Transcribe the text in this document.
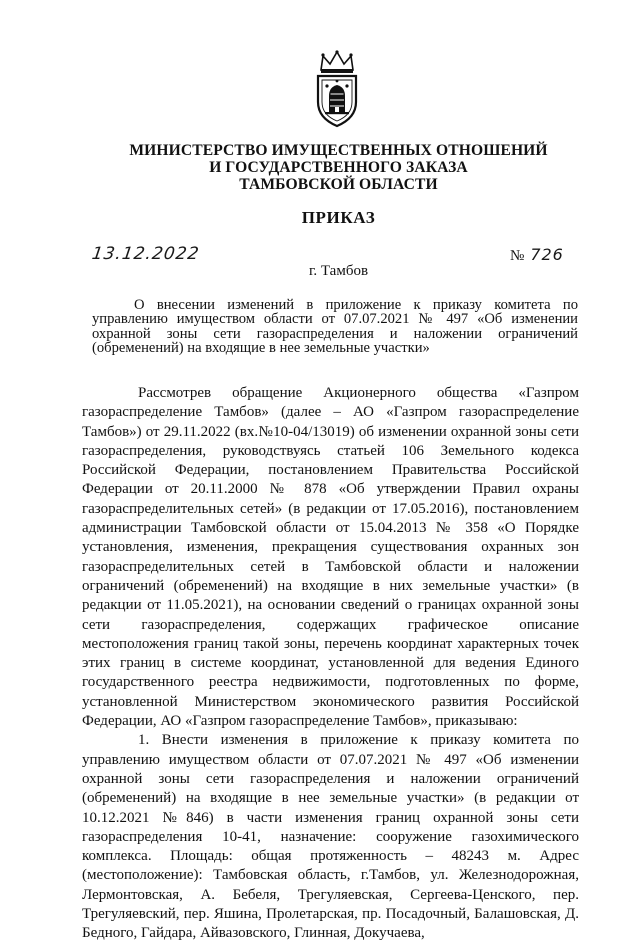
МИНИСТЕРСТВО ИМУЩЕСТВЕННЫХ ОТНОШЕНИЙ
И ГОСУДАРСТВЕННОГО ЗАКАЗА
ТАМБОВСКОЙ ОБЛАСТИ
ПРИКАЗ
13.12.2022	№ 726
г. Тамбов
О внесении изменений в приложение к приказу комитета по управлению имуществом области от 07.07.2021 № 497 «Об изменении охранной зоны сети газораспределения и наложении ограничений (обременений) на входящие в нее земельные участки»

Рассмотрев обращение Акционерного общества «Газпром газораспределение Тамбов» (далее – АО «Газпром газораспределение Тамбов») от 29.11.2022 (вх.№10-04/13019) об изменении охранной зоны сети газораспределения, руководствуясь статьей 106 Земельного кодекса Российской Федерации, постановлением Правительства Российской Федерации от 20.11.2000 № 878 «Об утверждении Правил охраны газораспределительных сетей» (в редакции от 17.05.2016), постановлением администрации Тамбовской области от 15.04.2013 № 358 «О Порядке установления, изменения, прекращения существования охранных зон газораспределительных сетей в Тамбовской области и наложении ограничений (обременений) на входящие в них земельные участки» (в редакции от 11.05.2021), на основании сведений о границах охранной зоны сети газораспределения, содержащих графическое описание местоположения границ такой зоны, перечень координат характерных точек этих границ в системе координат, установленной для ведения Единого государственного реестра недвижимости, подготовленных по форме, установленной Министерством экономического развития Российской Федерации, АО «Газпром газораспределение Тамбов», приказываю:

1. Внести изменения в приложение к приказу комитета по управлению имуществом области от 07.07.2021 № 497 «Об изменении охранной зоны сети газораспределения и наложении ограничений (обременений) на входящие в нее земельные участки» (в редакции от 10.12.2021 №846) в части изменения границ охранной зоны сети газораспределения 10-41, назначение: сооружение газохимического комплекса. Площадь: общая протяженность – 48243 м. Адрес (местоположение): Тамбовская область, г.Тамбов, ул. Железнодорожная, Лермонтовская, А. Бебеля, Трегуляевская, Сергеева-Ценского, пер. Трегуляевский, пер. Яшина, Пролетарская, пр. Посадочный, Балашовская, Д. Бедного, Гайдара, Айвазовского, Глинная, Докучаева,
